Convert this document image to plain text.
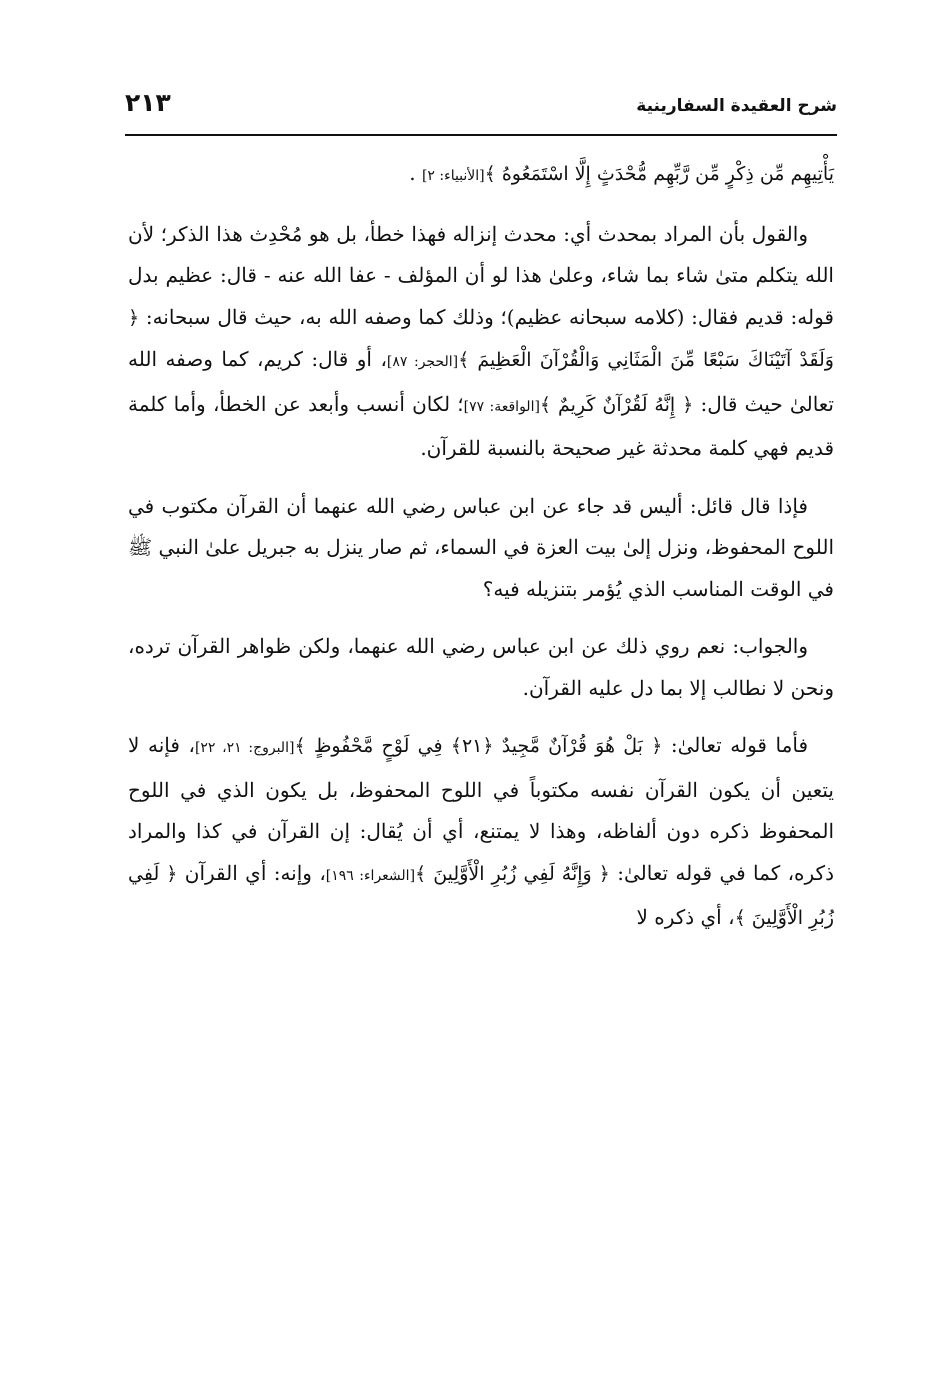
شرح العقيدة السفارينية
٢١٣

يَأْتِيهِم مِّن ذِكْرٍ مِّن رَّبِّهِم مُّحْدَثٍ إِلَّا اسْتَمَعُوهُ ﴾[الأنبياء: ٢] .

والقول بأن المراد بمحدث أي: محدث إنزاله فهذا خطأ، بل هو مُحْدِث هذا الذكر؛ لأن الله يتكلم متىٰ شاء بما شاء، وعلىٰ هذا لو أن المؤلف - عفا الله عنه - قال: عظيم بدل قوله: قديم فقال: (كلامه سبحانه عظيم)؛ وذلك كما وصفه الله به، حيث قال سبحانه: ﴿ وَلَقَدْ آتَيْنَاكَ سَبْعًا مِّنَ الْمَثَانِي وَالْقُرْآنَ الْعَظِيمَ ﴾[الحجر: ٨٧]، أو قال: كريم، كما وصفه الله تعالىٰ حيث قال: ﴿ إِنَّهُ لَقُرْآنٌ كَرِيمٌ ﴾[الواقعة: ٧٧]؛ لكان أنسب وأبعد عن الخطأ، وأما كلمة قديم فهي كلمة محدثة غير صحيحة بالنسبة للقرآن.

فإذا قال قائل: أليس قد جاء عن ابن عباس رضي الله عنهما أن القرآن مكتوب في اللوح المحفوظ، ونزل إلىٰ بيت العزة في السماء، ثم صار ينزل به جبريل علىٰ النبي ﷺ في الوقت المناسب الذي يُؤمر بتنزيله فيه؟

والجواب: نعم روي ذلك عن ابن عباس رضي الله عنهما، ولكن ظواهر القرآن ترده، ونحن لا نطالب إلا بما دل عليه القرآن.

فأما قوله تعالىٰ: ﴿ بَلْ هُوَ قُرْآنٌ مَّجِيدٌ ﴿٢١﴾ فِي لَوْحٍ مَّحْفُوظٍ ﴾[البروج: ٢١، ٢٢]، فإنه لا يتعين أن يكون القرآن نفسه مكتوباً في اللوح المحفوظ، بل يكون الذي في اللوح المحفوظ ذكره دون ألفاظه، وهذا لا يمتنع، أي أن يُقال: إن القرآن في كذا والمراد ذكره، كما في قوله تعالىٰ: ﴿ وَإِنَّهُ لَفِي زُبُرِ الْأَوَّلِينَ ﴾[الشعراء: ١٩٦]، وإنه: أي القرآن ﴿ لَفِي زُبُرِ الْأَوَّلِينَ ﴾، أي ذكره لا
